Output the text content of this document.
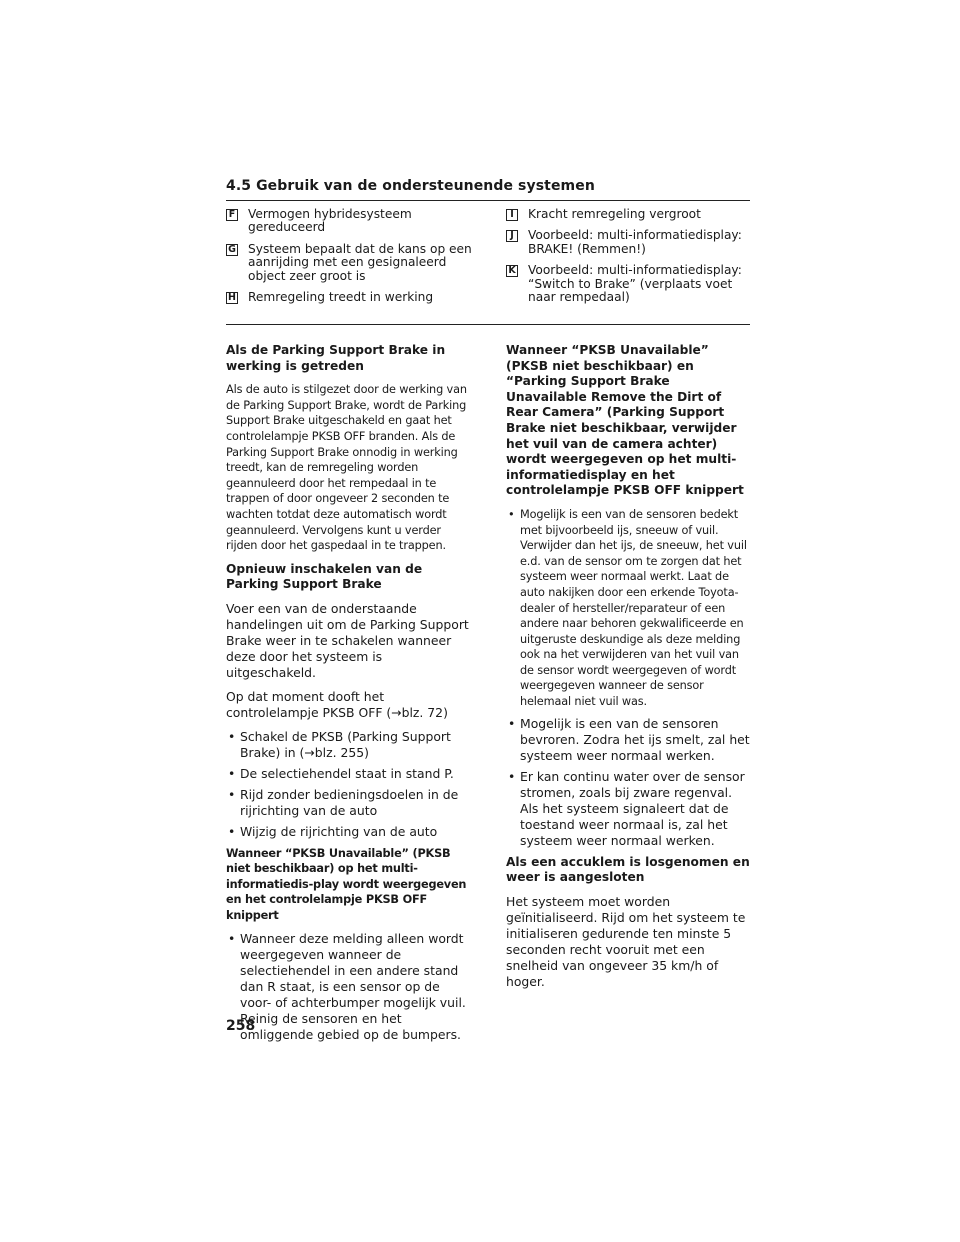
4.5 Gebruik van de ondersteunende systemen
F Vermogen hybridesysteem gereduceerd
G Systeem bepaalt dat de kans op een aanrijding met een gesignaleerd object zeer groot is
H Remregeling treedt in werking
I	Kracht remregeling vergroot
J	Voorbeeld: multi-informatiedisplay: BRAKE! (Remmen!)
K Voorbeeld: multi-informatiedisplay: “Switch to Brake” (verplaats voet naar rempedaal)
Als de Parking Support Brake in werking is getreden
Als de auto is stilgezet door de werking van de Parking Support Brake, wordt de Parking Support Brake uitgeschakeld en gaat het controlelampje PKSB OFF branden. Als de Parking Support Brake onnodig in werking treedt, kan de remregeling worden geannuleerd door het rempedaal in te trappen of door ongeveer 2 seconden te wachten totdat deze automatisch wordt geannuleerd. Vervolgens kunt u verder rijden door het gaspedaal in te trappen.
Opnieuw inschakelen van de Parking Support Brake
Voer een van de onderstaande handelingen uit om de Parking Support Brake weer in te schakelen wanneer deze door het systeem is uitgeschakeld.
Op dat moment dooft het controlelampje PKSB OFF (→blz. 72)
• Schakel de PKSB (Parking Support Brake) in (→blz. 255)
• De selectiehendel staat in stand P.
• Rijd zonder bedieningsdoelen in de rijrichting van de auto
• Wijzig de rijrichting van de auto
Wanneer “PKSB Unavailable” (PKSB niet beschikbaar) op het multi-informatiedis-play wordt weergegeven en het controlelampje PKSB OFF knippert
• Wanneer deze melding alleen wordt weergegeven wanneer de selectiehendel in een andere stand dan R staat, is een sensor op de voor- of achterbumper mogelijk vuil. Reinig de sensoren en het omliggende gebied op de bumpers.
Wanneer “PKSB Unavailable” (PKSB niet beschikbaar) en “Parking Support Brake Unavailable Remove the Dirt of Rear Camera” (Parking Support Brake niet beschikbaar, verwijder het vuil van de camera achter) wordt weergegeven op het multi-informatiedisplay en het controlelampje PKSB OFF knippert
• Mogelijk is een van de sensoren bedekt met bijvoorbeeld ijs, sneeuw of vuil. Verwijder dan het ijs, de sneeuw, het vuil e.d. van de sensor om te zorgen dat het systeem weer normaal werkt. Laat de auto nakijken door een erkende Toyota-dealer of hersteller/reparateur of een andere naar behoren gekwalificeerde en uitgeruste deskundige als deze melding ook na het verwijderen van het vuil van de sensor wordt weergegeven of wordt weergegeven wanneer de sensor helemaal niet vuil was.
• Mogelijk is een van de sensoren bevroren. Zodra het ijs smelt, zal het systeem weer normaal werken.
• Er kan continu water over de sensor stromen, zoals bij zware regenval. Als het systeem signaleert dat de toestand weer normaal is, zal het systeem weer normaal werken.
Als een accuklem is losgenomen en weer is aangesloten
Het systeem moet worden geïnitialiseerd. Rijd om het systeem te initialiseren gedurende ten minste 5 seconden recht vooruit met een snelheid van ongeveer 35 km/h of hoger.
258
